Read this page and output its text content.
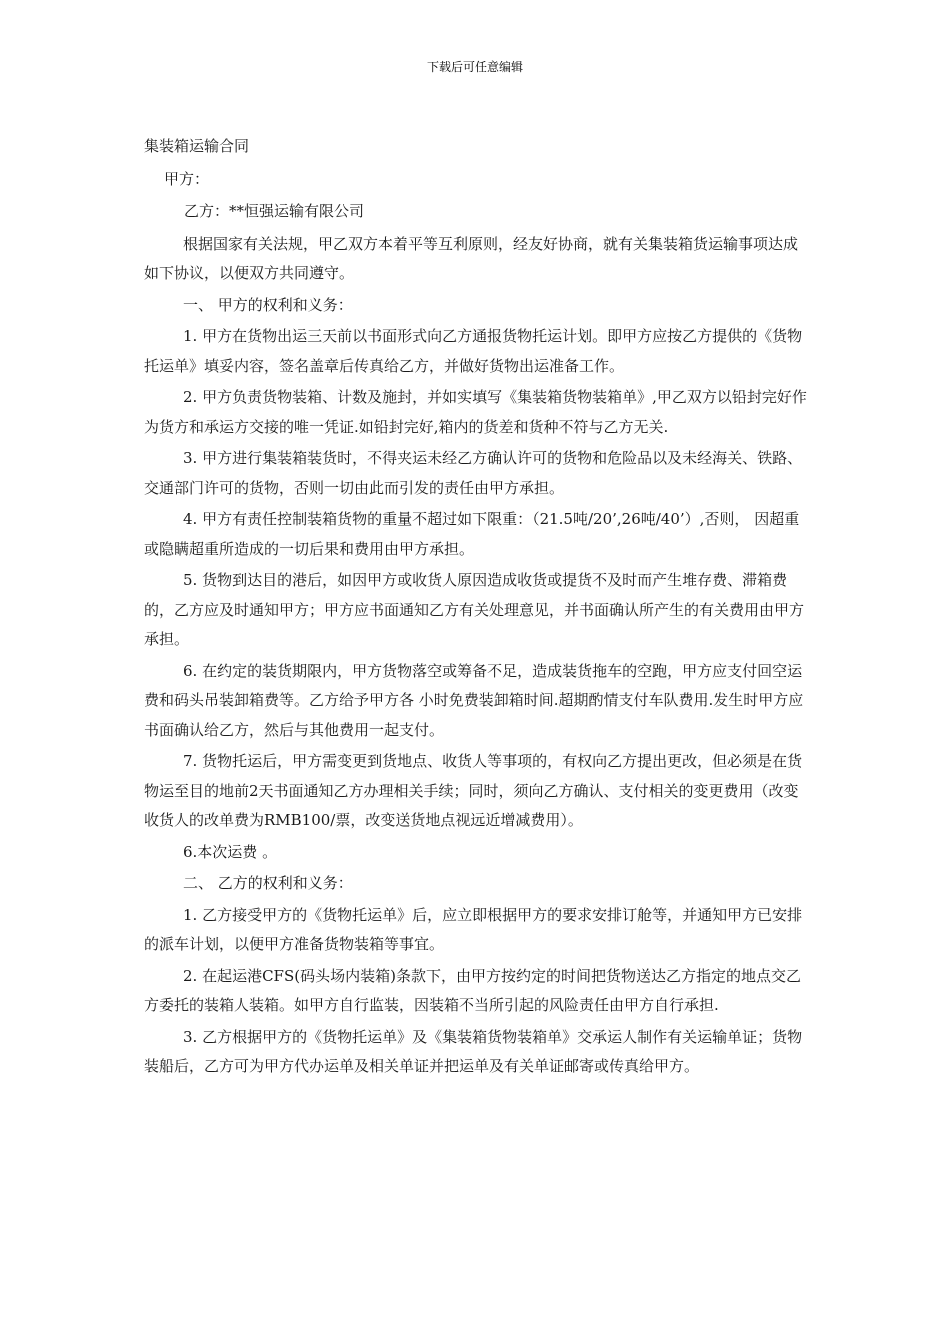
下载后可任意编辑

集装箱运输合同

甲方：

乙方：**恒强运输有限公司

根据国家有关法规，甲乙双方本着平等互利原则，经友好协商，就有关集装箱货运输事项达成如下协议，以便双方共同遵守。

一、 甲方的权利和义务：

1. 甲方在货物出运三天前以书面形式向乙方通报货物托运计划。即甲方应按乙方提供的《货物托运单》填妥内容，签名盖章后传真给乙方，并做好货物出运准备工作。

2. 甲方负责货物装箱、计数及施封，并如实填写《集装箱货物装箱单》,甲乙双方以铅封完好作为货方和承运方交接的唯一凭证.如铅封完好,箱内的货差和货种不符与乙方无关.

3. 甲方进行集装箱装货时，不得夹运未经乙方确认许可的货物和危险品以及未经海关、铁路、交通部门许可的货物，否则一切由此而引发的责任由甲方承担。

4. 甲方有责任控制装箱货物的重量不超过如下限重：（21.5吨/20’,26吨/40’）,否则， 因超重或隐瞒超重所造成的一切后果和费用由甲方承担。

5. 货物到达目的港后，如因甲方或收货人原因造成收货或提货不及时而产生堆存费、滞箱费的，乙方应及时通知甲方；甲方应书面通知乙方有关处理意见，并书面确认所产生的有关费用由甲方承担。

6. 在约定的装货期限内，甲方货物落空或筹备不足，造成装货拖车的空跑，甲方应支付回空运费和码头吊装卸箱费等。乙方给予甲方各 小时免费装卸箱时间.超期酌情支付车队费用.发生时甲方应书面确认给乙方，然后与其他费用一起支付。

7. 货物托运后，甲方需变更到货地点、收货人等事项的，有权向乙方提出更改，但必须是在货物运至目的地前2天书面通知乙方办理相关手续；同时，须向乙方确认、支付相关的变更费用（改变收货人的改单费为RMB100/票，改变送货地点视远近增减费用）。

6.本次运费 。

二、 乙方的权利和义务：

1. 乙方接受甲方的《货物托运单》后，应立即根据甲方的要求安排订舱等，并通知甲方已安排的派车计划，以便甲方准备货物装箱等事宜。

2. 在起运港CFS(码头场内装箱)条款下，由甲方按约定的时间把货物送达乙方指定的地点交乙方委托的装箱人装箱。如甲方自行监装，因装箱不当所引起的风险责任由甲方自行承担.

3. 乙方根据甲方的《货物托运单》及《集装箱货物装箱单》交承运人制作有关运输单证；货物装船后，乙方可为甲方代办运单及相关单证并把运单及有关单证邮寄或传真给甲方。
